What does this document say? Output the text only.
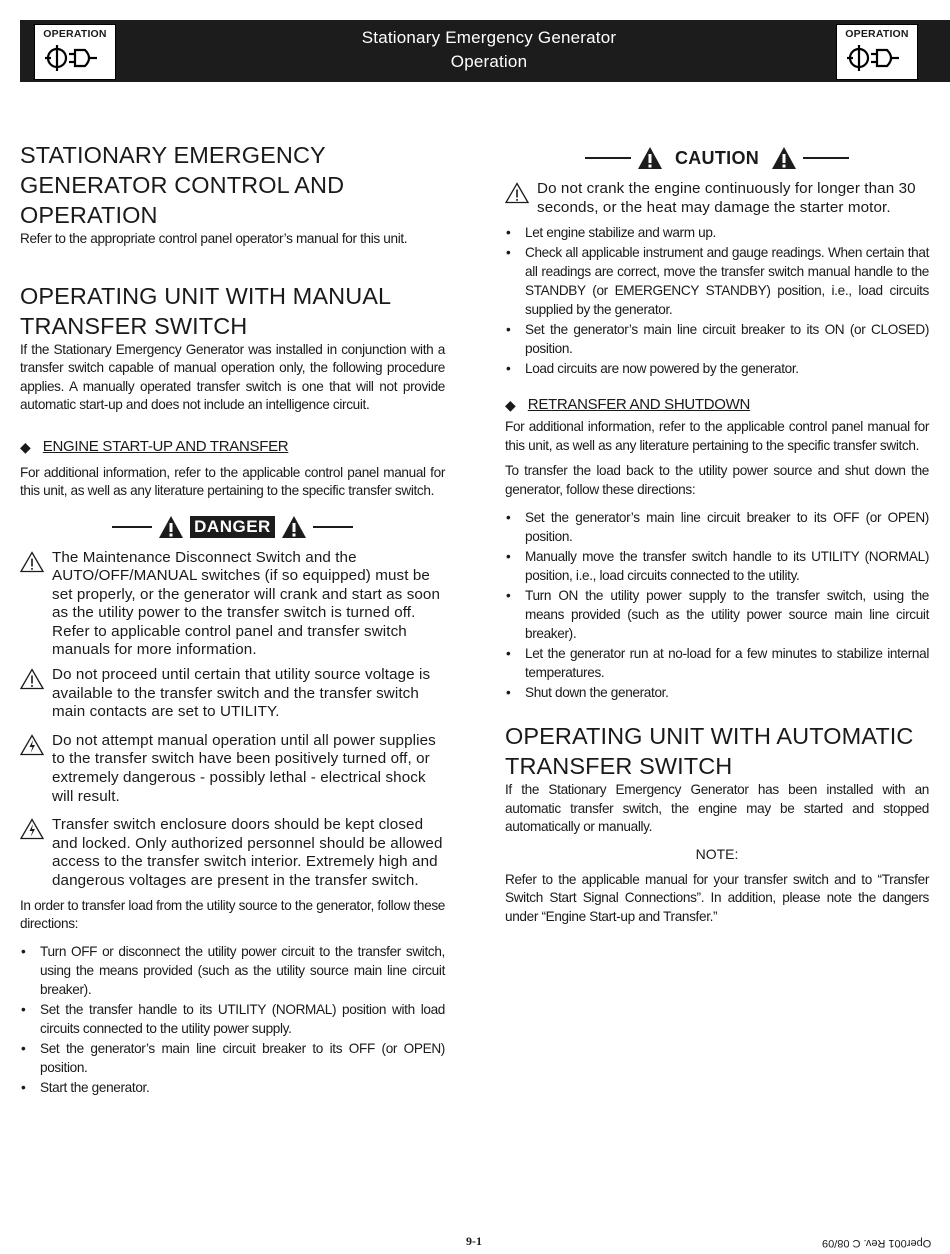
OPERATION	Stationary Emergency Generator
Operation
OPERATION
STATIONARY EMERGENCY
GENERATOR CONTROL AND
OPERATION

Refer to the appropriate control panel operator’s manual for this unit.

OPERATING UNIT WITH MANUAL
TRANSFER SWITCH

If the Stationary Emergency Generator was installed in conjunction with a transfer switch capable of manual operation only, the following procedure applies. A manually operated transfer switch is one that will not provide automatic start-up and does not include an intelligence circuit.

◆ ENGINE START-UP AND TRANSFER

For additional information, refer to the applicable control panel manual for this unit, as well as any literature pertaining to the specific transfer switch.

DANGER
The Maintenance Disconnect Switch and the AUTO/OFF/MANUAL switches (if so equipped) must be set properly, or the generator will crank and start as soon as the utility power to the transfer switch is turned off. Refer to applicable control panel and transfer switch manuals for more information.
Do not proceed until certain that utility source voltage is available to the transfer switch and the transfer switch main contacts are set to UTILITY.
Do not attempt manual operation until all power supplies to the transfer switch have been positively turned off, or extremely dangerous - possibly lethal - electrical shock will result.
Transfer switch enclosure doors should be kept closed and locked. Only authorized personnel should be allowed access to the transfer switch interior. Extremely high and dangerous voltages are present in the transfer switch.

In order to transfer load from the utility source to the generator, follow these directions:

• Turn OFF or disconnect the utility power circuit to the transfer switch, using the means provided (such as the utility source main line circuit breaker).
• Set the transfer handle to its UTILITY (NORMAL) position with load circuits connected to the utility power supply.
• Set the generator’s main line circuit breaker to its OFF (or OPEN) position.
• Start the generator.
CAUTION
Do not crank the engine continuously for longer than 30 seconds, or the heat may damage the starter motor.
• Let engine stabilize and warm up.
• Check all applicable instrument and gauge readings. When certain that all readings are correct, move the transfer switch manual handle to the STANDBY (or EMERGENCY STANDBY) position, i.e., load circuits supplied by the generator.
• Set the generator’s main line circuit breaker to its ON (or CLOSED) position.
• Load circuits are now powered by the generator.
◆ RETRANSFER AND SHUTDOWN

For additional information, refer to the applicable control panel manual for this unit, as well as any literature pertaining to the specific transfer switch.

To transfer the load back to the utility power source and shut down the generator, follow these directions:

• Set the generator’s main line circuit breaker to its OFF (or OPEN) position.
• Manually move the transfer switch handle to its UTILITY (NORMAL) position, i.e., load circuits connected to the utility.
• Turn ON the utility power supply to the transfer switch, using the means provided (such as the utility power source main line circuit breaker).
• Let the generator run at no-load for a few minutes to stabilize internal temperatures.
• Shut down the generator.
OPERATING UNIT WITH AUTOMATIC
TRANSFER SWITCH

If the Stationary Emergency Generator has been installed with an automatic transfer switch, the engine may be started and stopped automatically or manually.

NOTE:

Refer to the applicable manual for your transfer switch and to “Transfer Switch Start Signal Connections”. In addition, please note the dangers under “Engine Start-up and Transfer.”

9-1	Oper001 Rev. C 08/09
